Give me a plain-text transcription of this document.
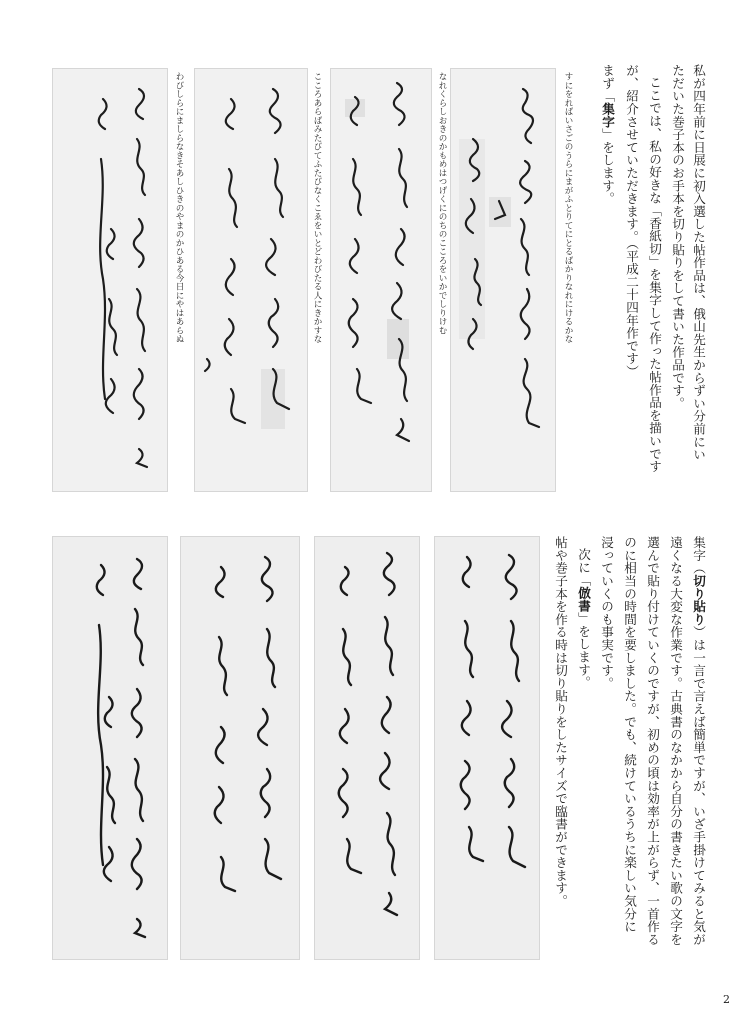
私が四年前に日展に初入選した帖作品は、俄山先生からずい分前にい
ただいた巻子本のお手本を切り貼りをして書いた作品です。
ここでは、私の好きな「香紙切」を集字して作った帖作品を描いです
が、紹介させていただきます。（平成二十四年作です）
まず「集字」をします。
すにをればいさごのうらにまがふとりてにとるばかりなれにけるかな
なれくらしおきのかもめはつげくにのちのこころをいかでしりけむ
こころあらばみたびてふたびなくこゑをいとどわびたる人にきかすな
わびしらにましらなきそあしひきのやまのかひある今日にやはあらぬ
集字（切り貼り）は一言で言えば簡単ですが、いざ手掛けてみると気が
遠くなる大変な作業です。古典書のなかから自分の書きたい歌の文字を
選んで貼り付けていくのですが、初めの頃は効率が上がらず、一首作る
のに相当の時間を要しました。でも、続けているうちに楽しい気分に
浸っていくのも事実です。
次に「倣書」をします。
帖や巻子本を作る時は切り貼りをしたサイズで臨書ができます。
2
